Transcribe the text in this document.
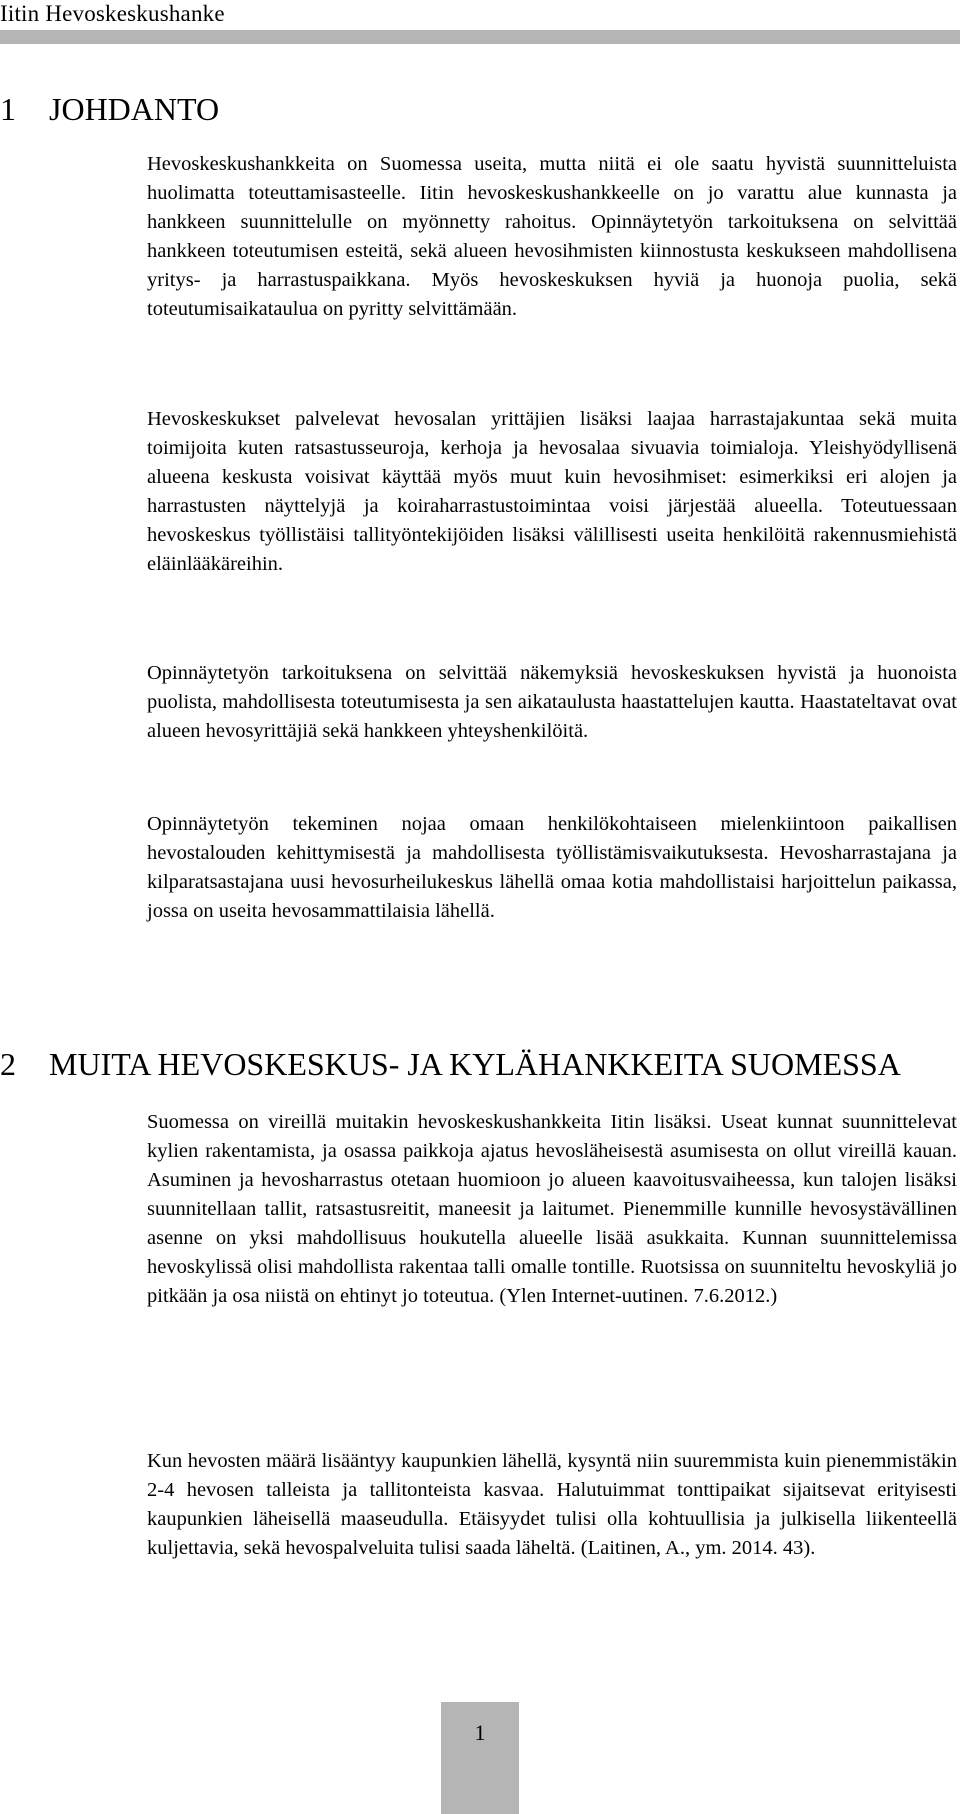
Iitin Hevoskeskushanke
1 JOHDANTO

Hevoskeskushankkeita on Suomessa useita, mutta niitä ei ole saatu hyvistä suunnitteluista huolimatta toteuttamisasteelle. Iitin hevoskeskushankkeelle on jo varattu alue kunnasta ja hankkeen suunnittelulle on myönnetty rahoitus. Opinnäytetyön tarkoituksena on selvittää hankkeen toteutumisen esteitä, sekä alueen hevosihmisten kiinnostusta keskukseen mahdollisena yritys- ja harrastuspaikkana. Myös hevoskeskuksen hyviä ja huonoja puolia, sekä toteutumisaikataulua on pyritty selvittämään.

Hevoskeskukset palvelevat hevosalan yrittäjien lisäksi laajaa harrastajakuntaa sekä muita toimijoita kuten ratsastusseuroja, kerhoja ja hevosalaa sivuavia toimialoja. Yleishyödyllisenä alueena keskusta voisivat käyttää myös muut kuin hevosihmiset: esimerkiksi eri alojen ja harrastusten näyttelyjä ja koiraharrastustoimintaa voisi järjestää alueella. Toteutuessaan hevoskeskus työllistäisi tallityöntekijöiden lisäksi välillisesti useita henkilöitä rakennusmiehistä eläinlääkäreihin.

Opinnäytetyön tarkoituksena on selvittää näkemyksiä hevoskeskuksen hyvistä ja huonoista puolista, mahdollisesta toteutumisesta ja sen aikataulusta haastattelujen kautta. Haastateltavat ovat alueen hevosyrittäjiä sekä hankkeen yhteyshenkilöitä.

Opinnäytetyön tekeminen nojaa omaan henkilökohtaiseen mielenkiintoon paikallisen hevostalouden kehittymisestä ja mahdollisesta työllistämisvaikutuksesta. Hevosharrastajana ja kilparatsastajana uusi hevosurheilukeskus lähellä omaa kotia mahdollistaisi harjoittelun paikassa, jossa on useita hevosammattilaisia lähellä.

2 MUITA HEVOSKESKUS- JA KYLÄHANKKEITA SUOMESSA

Suomessa on vireillä muitakin hevoskeskushankkeita Iitin lisäksi. Useat kunnat suunnittelevat kylien rakentamista, ja osassa paikkoja ajatus hevosläheisestä asumisesta on ollut vireillä kauan. Asuminen ja hevosharrastus otetaan huomioon jo alueen kaavoitusvaiheessa, kun talojen lisäksi suunnitellaan tallit, ratsastusreitit, maneesit ja laitumet. Pienemmille kunnille hevosystävällinen asenne on yksi mahdollisuus houkutella alueelle lisää asukkaita. Kunnan suunnittelemissa hevoskylissä olisi mahdollista rakentaa talli omalle tontille. Ruotsissa on suunniteltu hevoskyliä jo pitkään ja osa niistä on ehtinyt jo toteutua. (Ylen Internet-uutinen. 7.6.2012.)

Kun hevosten määrä lisääntyy kaupunkien lähellä, kysyntä niin suuremmista kuin pienemmistäkin 2-4 hevosen talleista ja tallitonteista kasvaa. Halutuimmat tonttipaikat sijaitsevat erityisesti kaupunkien läheisellä maaseudulla. Etäisyydet tulisi olla kohtuullisia ja julkisella liikenteellä kuljettavia, sekä hevospalveluita tulisi saada läheltä. (Laitinen, A., ym. 2014. 43).

1
